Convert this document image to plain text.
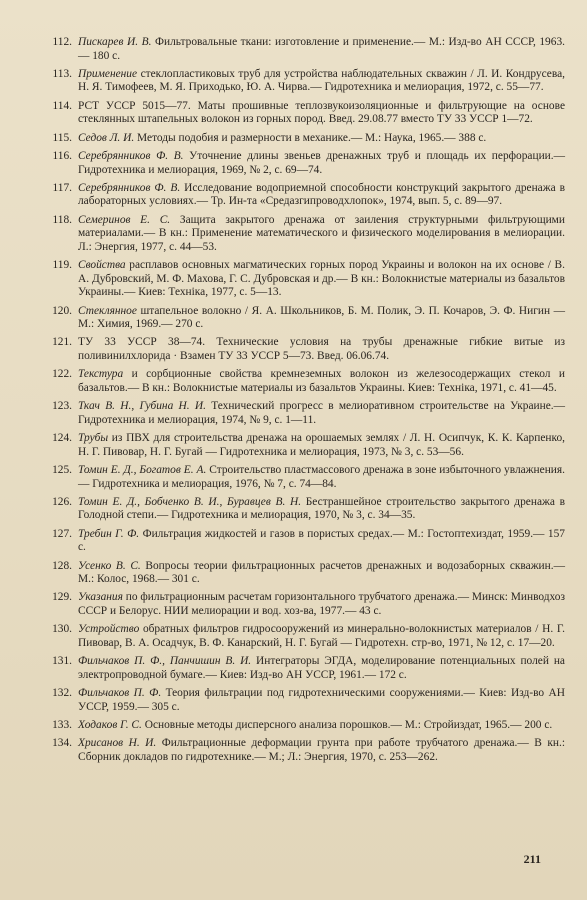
112. Пискарев И. В. Фильтровальные ткани: изготовление и применение.— М.: Изд-во АН СССР, 1963.— 180 с.
113. Применение стеклопластиковых труб для устройства наблюдательных скважин / Л. И. Кондрусева, Н. Я. Тимофеев, М. Я. Приходько, Ю. А. Чирва.— Гидротехника и мелиорация, 1972, с. 55—77.
114. РСТ УССР 5015—77. Маты прошивные теплозвукоизоляционные и фильтрующие на основе стеклянных штапельных волокон из горных пород. Введ. 29.08.77 вместо ТУ 33 УССР 1—72.
115. Седов Л. И. Методы подобия и размерности в механике.— М.: Наука, 1965.— 388 с.
116. Серебрянников Ф. В. Уточнение длины звеньев дренажных труб и площадь их перфорации.— Гидротехника и мелиорация, 1969, № 2, с. 69—74.
117. Серебрянников Ф. В. Исследование водоприемной способности конструкций закрытого дренажа в лабораторных условиях.— Тр. Ин-та «Средазгипроводхлопок», 1974, вып. 5, с. 89—97.
118. Семеринов Е. С. Защита закрытого дренажа от заиления структурными фильтрующими материалами.— В кн.: Применение математического и физического моделирования в мелиорации. Л.: Энергия, 1977, с. 44—53.
119. Свойства расплавов основных магматических горных пород Украины и волокон на их основе / В. А. Дубровский, М. Ф. Махова, Г. С. Дубровская и др.— В кн.: Волокнистые материалы из базальтов Украины.— Киев: Техніка, 1977, с. 5—13.
120. Стеклянное штапельное волокно / Я. А. Школьников, Б. М. Полик, Э. П. Кочаров, Э. Ф. Нигин — М.: Химия, 1969.— 270 с.
121. ТУ 33 УССР 38—74. Технические условия на трубы дренажные гибкие витые из поливинилхлорида · Взамен ТУ 33 УССР 5—73. Введ. 06.06.74.
122. Текстура и сорбционные свойства кремнеземных волокон из железосодержащих стекол и базальтов.— В кн.: Волокнистые материалы из базальтов Украины. Киев: Техніка, 1971, с. 41—45.
123. Ткач В. Н., Губина Н. И. Технический прогресс в мелиоративном строительстве на Украине.— Гидротехника и мелиорация, 1974, № 9, с. 1—11.
124. Трубы из ПВХ для строительства дренажа на орошаемых землях / Л. Н. Осипчук, К. К. Карпенко, Н. Г. Пивовар, Н. Г. Бугай — Гидротехника и мелиорация, 1973, № 3, с. 53—56.
125. Томин Е. Д., Богатов Е. А. Строительство пластмассового дренажа в зоне избыточного увлажнения.— Гидротехника и мелиорация, 1976, № 7, с. 74—84.
126. Томин Е. Д., Бобченко В. И., Буравцев В. Н. Бестраншейное строительство закрытого дренажа в Голодной степи.— Гидротехника и мелиорация, 1970, № 3, с. 34—35.
127. Требин Г. Ф. Фильтрация жидкостей и газов в пористых средах.— М.: Гостоптехиздат, 1959.— 157 с.
128. Усенко В. С. Вопросы теории фильтрационных расчетов дренажных и водозаборных скважин.— М.: Колос, 1968.— 301 с.
129. Указания по фильтрационным расчетам горизонтального трубчатого дренажа.— Минск: Минводхоз СССР и Белорус. НИИ мелиорации и вод. хоз-ва, 1977.— 43 с.
130. Устройство обратных фильтров гидросооружений из минерально-волокнистых материалов / Н. Г. Пивовар, В. А. Осадчук, В. Ф. Канарский, Н. Г. Бугай — Гидротехн. стр-во, 1971, № 12, с. 17—20.
131. Фильчаков П. Ф., Панчишин В. И. Интеграторы ЭГДА, моделирование потенциальных полей на электропроводной бумаге.— Киев: Изд-во АН УССР, 1961.— 172 с.
132. Фильчаков П. Ф. Теория фильтрации под гидротехническими сооружениями.— Киев: Изд-во АН УССР, 1959.— 305 с.
133. Ходаков Г. С. Основные методы дисперсного анализа порошков.— М.: Стройиздат, 1965.— 200 с.
134. Хрисанов Н. И. Фильтрационные деформации грунта при работе трубчатого дренажа.— В кн.: Сборник докладов по гидротехнике.— М.; Л.: Энергия, 1970, с. 253—262.
211
